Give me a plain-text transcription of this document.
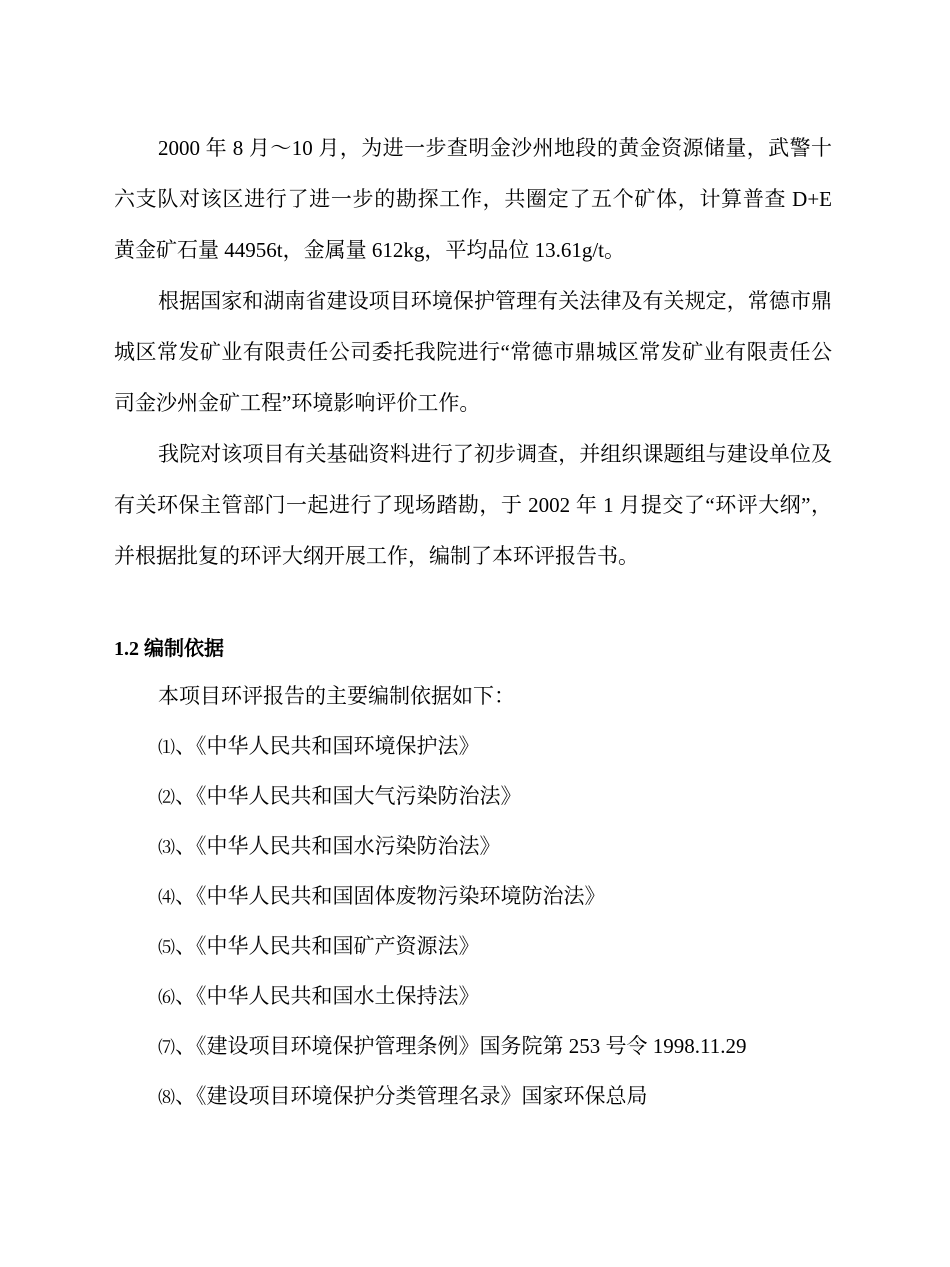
2000 年 8 月～10 月，为进一步查明金沙州地段的黄金资源储量，武警十六支队对该区进行了进一步的勘探工作，共圈定了五个矿体，计算普查 D+E 黄金矿石量 44956t，金属量 612kg，平均品位 13.61g/t。

根据国家和湖南省建设项目环境保护管理有关法律及有关规定，常德市鼎城区常发矿业有限责任公司委托我院进行“常德市鼎城区常发矿业有限责任公司金沙州金矿工程”环境影响评价工作。

我院对该项目有关基础资料进行了初步调查，并组织课题组与建设单位及有关环保主管部门一起进行了现场踏勘，于 2002 年 1 月提交了“环评大纲”，并根据批复的环评大纲开展工作，编制了本环评报告书。

1.2 编制依据
本项目环评报告的主要编制依据如下：
⑴、《中华人民共和国环境保护法》
⑵、《中华人民共和国大气污染防治法》
⑶、《中华人民共和国水污染防治法》
⑷、《中华人民共和国固体废物污染环境防治法》
⑸、《中华人民共和国矿产资源法》
⑹、《中华人民共和国水土保持法》
⑺、《建设项目环境保护管理条例》国务院第 253 号令 1998.11.29
⑻、《建设项目环境保护分类管理名录》国家环保总局
